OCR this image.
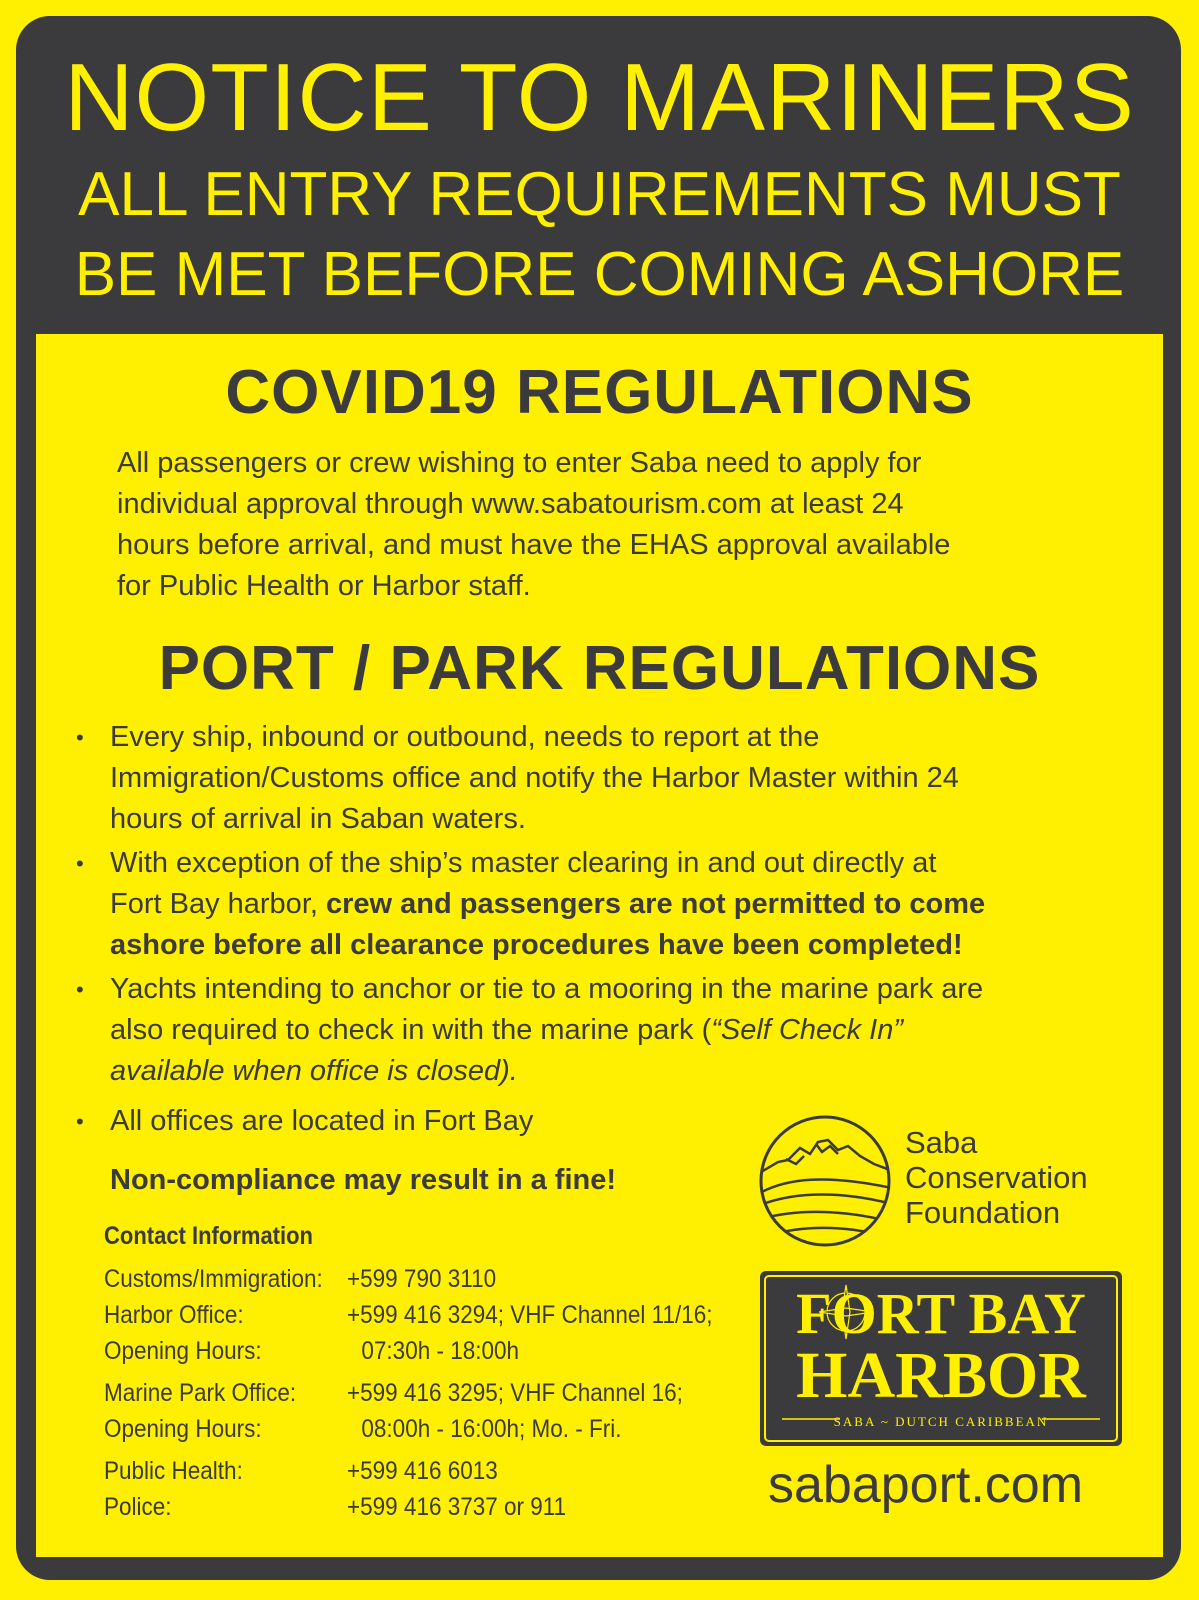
NOTICE TO MARINERS
ALL ENTRY REQUIREMENTS MUST
BE MET BEFORE COMING ASHORE
COVID19 REGULATIONS
All passengers or crew wishing to enter Saba need to apply for
individual approval through www.sabatourism.com at least 24
hours before arrival, and must have the EHAS approval available
for Public Health or Harbor staff.
PORT / PARK REGULATIONS
• Every ship, inbound or outbound, needs to report at the
Immigration/Customs office and notify the Harbor Master within 24
hours of arrival in Saban waters.
• With exception of the ship’s master clearing in and out directly at
Fort Bay harbor, crew and passengers are not permitted to come
ashore before all clearance procedures have been completed!
• Yachts intending to anchor or tie to a mooring in the marine park are
also required to check in with the marine park (“Self Check In”
available when office is closed).
• All offices are located in Fort Bay
Non-compliance may result in a fine!
Contact Information
Customs/Immigration: +599 790 3110
Harbor Office:	+599 416 3294; VHF Channel 11/16;
Opening Hours:	07:30h - 18:00h
Marine Park Office: +599 416 3295; VHF Channel 16;
Opening Hours:	08:00h - 16:00h; Mo. - Fri.
Public Health:	+599 416 6013
Police:	+599 416 3737 or 911
Saba
Conservation
Foundation
FORT BAY
HARBOR
SABA ~ DUTCH CARIBBEAN
sabaport.com
